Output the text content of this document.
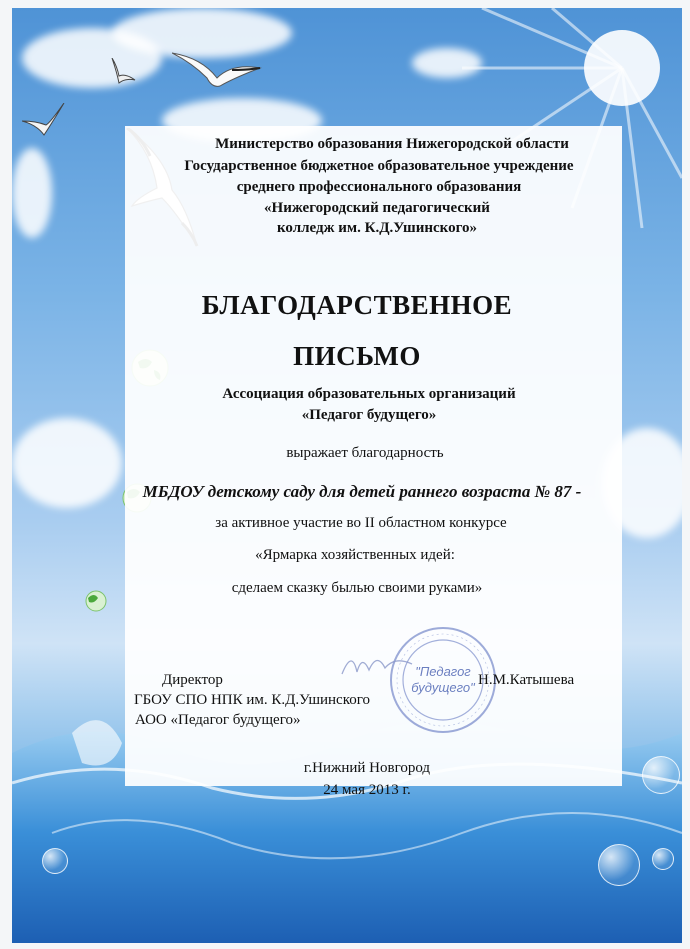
"Педагог
будущего"
Министерство образования Нижегородской области
Государственное бюджетное образовательное учреждение
среднего профессионального образования
«Нижегородский педагогический
колледж им. К.Д.Ушинского»
БЛАГОДАРСТВЕННОЕ
ПИСЬМО
Ассоциация образовательных организаций
«Педагог будущего»
выражает благодарность
МБДОУ детскому саду для детей раннего возраста № 87 -
за активное участие во II областном конкурсе
«Ярмарка хозяйственных идей:
сделаем сказку былью своими руками»
Директор
ГБОУ СПО НПК им. К.Д.Ушинского
АОО «Педагог будущего»
Н.М.Катышева
г.Нижний Новгород
24 мая 2013 г.
